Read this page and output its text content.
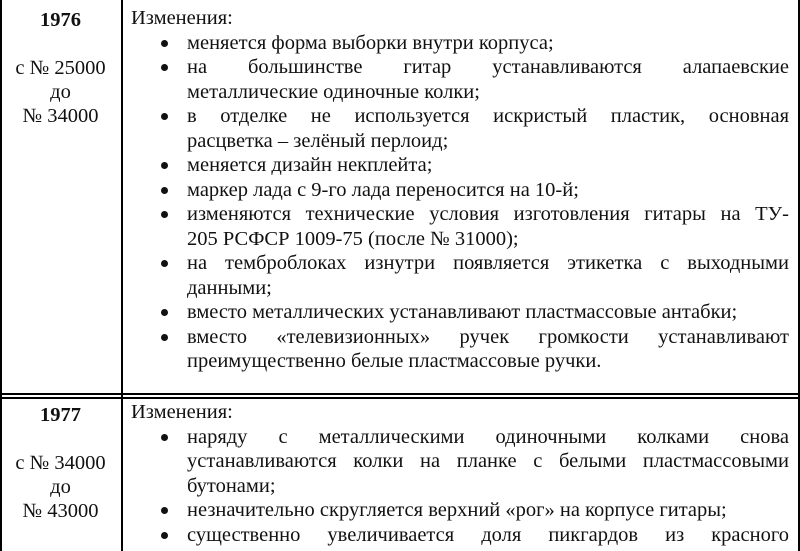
1976
с № 25000
до
№ 34000
Изменения:
меняется форма выборки внутри корпуса;
на большинстве гитар устанавливаются алапаевские
металлические одиночные колки;
в отделке не используется искристый пластик, основная
расцветка – зелёный перлоид;
меняется дизайн некплейта;
маркер лада с 9-го лада переносится на 10-й;
изменяются технические условия изготовления гитары на ТУ-
205 РСФСР 1009-75 (после № 31000);
на темброблоках изнутри появляется этикетка с выходными
данными;
вместо металлических устанавливают пластмассовые антабки;
вместо «телевизионных» ручек громкости устанавливают
преимущественно белые пластмассовые ручки.
1977
с № 34000
до
№ 43000
Изменения:
наряду с металлическими одиночными колками снова
устанавливаются колки на планке с белыми пластмассовыми
бутонами;
незначительно скругляется верхний «рог» на корпусе гитары;
существенно увеличивается доля пикгардов из красного
